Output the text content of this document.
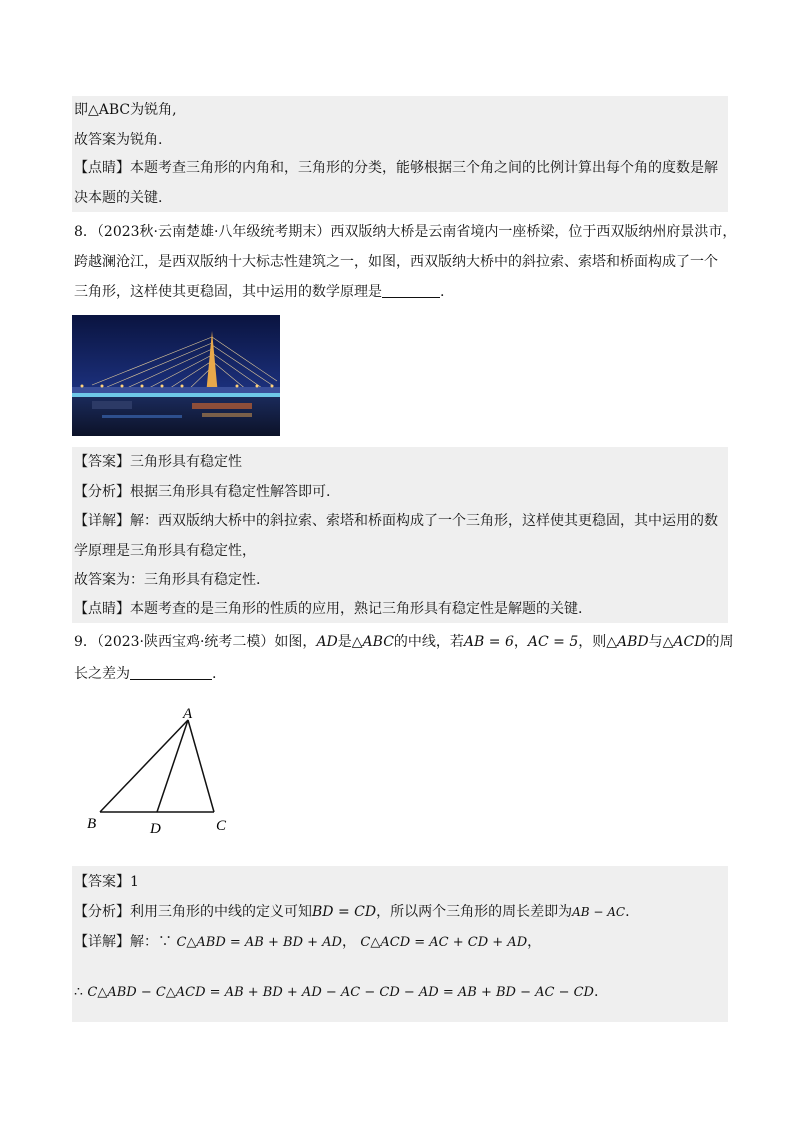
即△ABC为锐角,
故答案为锐角.
【点睛】本题考查三角形的内角和，三角形的分类，能够根据三个角之间的比例计算出每个角的度数是解
决本题的关键.
8．（2023秋·云南楚雄·八年级统考期末）西双版纳大桥是云南省境内一座桥梁，位于西双版纳州府景洪市，
跨越澜沧江，是西双版纳十大标志性建筑之一，如图，西双版纳大桥中的斜拉索、索塔和桥面构成了一个
三角形，这样使其更稳固，其中运用的数学原理是	.
【答案】三角形具有稳定性
【分析】根据三角形具有稳定性解答即可.
【详解】解：西双版纳大桥中的斜拉索、索塔和桥面构成了一个三角形，这样使其更稳固，其中运用的数
学原理是三角形具有稳定性，
故答案为：三角形具有稳定性.
【点睛】本题考查的是三角形的性质的应用，熟记三角形具有稳定性是解题的关键.
9．（2023·陕西宝鸡·统考二模）如图，AD是△ABC的中线，若AB = 6，AC = 5，则△ABD与△ACD的周
长之差为	.
A
B	C
D
【答案】1
【分析】利用三角形的中线的定义可知BD = CD，所以两个三角形的周长差即为AB − AC.
【详解】解：∵ C△ABD = AB + BD + AD， C△ACD = AC + CD + AD，
∴ C△ABD − C△ACD = AB + BD + AD − AC − CD − AD = AB + BD − AC − CD.
